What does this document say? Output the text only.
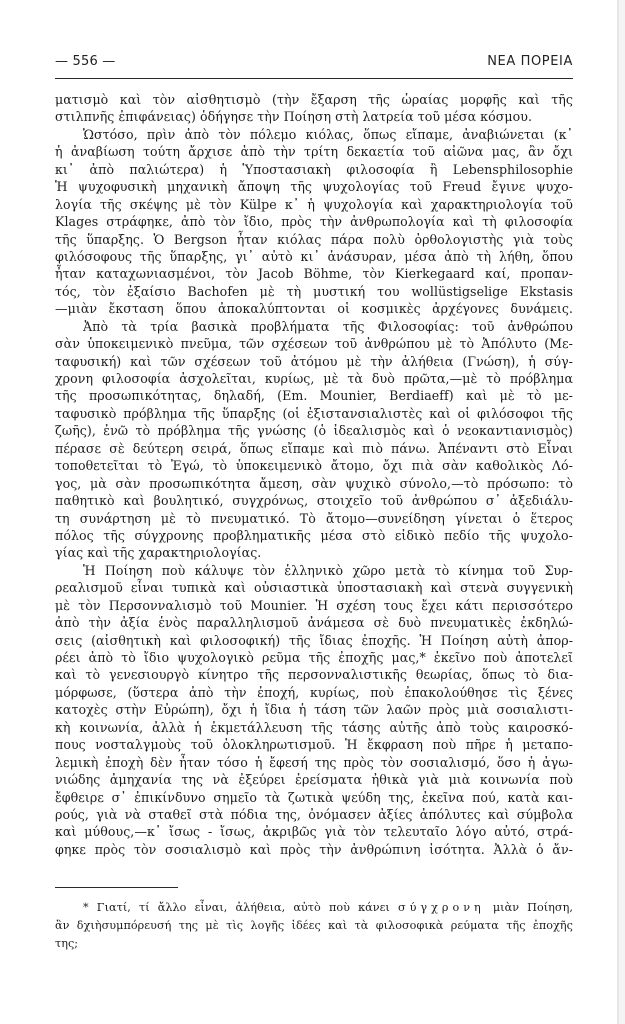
— 556 —	ΝΕΑ ΠΟΡΕΙΑ
ματισμὸ καὶ τὸν αἰσθητισμὸ (τὴν ἔξαρση τῆς ὡραίας μορφῆς καὶ τῆς
στιλπνῆς ἐπιφάνειας) ὁδήγησε τὴν Ποίηση στὴ λατρεία τοῦ μέσα κόσμου.
Ὡστόσο, πρὶν ἀπὸ τὸν πόλεμο κιόλας, ὅπως εἴπαμε, ἀναβιώνεται (κ᾿
ἡ ἀναβίωση τούτη ἄρχισε ἀπὸ τὴν τρίτη δεκαετία τοῦ αἰῶνα μας, ἂν ὄχι
κι᾿ ἀπὸ παλιώτερα) ἡ Ὑποστασιακὴ φιλοσοφία ἢ Lebensphilosophie
Ἡ ψυχοφυσικὴ μηχανικὴ ἄποψη τῆς ψυχολογίας τοῦ Freud ἔγινε ψυχο-
λογία τῆς σκέψης μὲ τὸν Külpe κ᾿ ἡ ψυχολογία καὶ χαρακτηριολογία τοῦ
Klages στράφηκε, ἀπὸ τὸν ἴδιο, πρὸς τὴν ἀνθρωπολογία καὶ τὴ φιλοσοφία
τῆς ὕπαρξης. Ὁ Bergson ἦταν κιόλας πάρα πολὺ ὀρθολογιστὴς γιὰ τοὺς
φιλόσοφους τῆς ὕπαρξης, γι᾿ αὐτὸ κι᾿ ἀνάσυραν, μέσα ἀπὸ τὴ λήθη, ὅπου
ἦταν καταχωνιασμένοι, τὸν Jacob Böhme, τὸν Kierkegaard καί, προπαν-
τός, τὸν ἐξαίσιο Bachofen μὲ τὴ μυστική του wollüstigselige Ekstasis
—μιὰν ἔκσταση ὅπου ἀποκαλύπτονται οἱ κοσμικὲς ἀρχέγονες δυνάμεις.
Ἀπὸ τὰ τρία βασικὰ προβλήματα τῆς Φιλοσοφίας: τοῦ ἀνθρώπου
σὰν ὑποκειμενικὸ πνεῦμα, τῶν σχέσεων τοῦ ἀνθρώπου μὲ τὸ Ἀπόλυτο (Με-
ταφυσική) καὶ τῶν σχέσεων τοῦ ἀτόμου μὲ τὴν ἀλήθεια (Γνώση), ἡ σύγ-
χρονη φιλοσοφία ἀσχολεῖται, κυρίως, μὲ τὰ δυὸ πρῶτα,—μὲ τὸ πρόβλημα
τῆς προσωπικότητας, δηλαδή, (Em. Mounier, Berdiaeff) καὶ μὲ τὸ με-
ταφυσικὸ πρόβλημα τῆς ὕπαρξης (οἱ ἐξιστανσιαλιστὲς καὶ οἱ φιλόσοφοι τῆς
ζωῆς), ἐνῶ τὸ πρόβλημα τῆς γνώσης (ὁ ἰδεαλισμὸς καὶ ὁ νεοκαντιανισμὸς)
πέρασε σὲ δεύτερη σειρά, ὅπως εἴπαμε καὶ πιὸ πάνω. Ἀπέναντι στὸ Εἶναι
τοποθετεῖται τὸ Ἐγώ, τὸ ὑποκειμενικὸ ἄτομο, ὄχι πιὰ σὰν καθολικὸς Λό-
γος, μὰ σὰν προσωπικότητα ἄμεση, σὰν ψυχικὸ σύνολο,—τὸ πρόσωπο: τὸ
παθητικὸ καὶ βουλητικό, συγχρόνως, στοιχεῖο τοῦ ἀνθρώπου σ᾿ ἀξεδιάλυ-
τη συνάρτηση μὲ τὸ πνευματικό. Τὸ ἄτομο—συνείδηση γίνεται ὁ ἕτερος
πόλος τῆς σύγχρονης προβληματικῆς μέσα στὸ εἰδικὸ πεδίο τῆς ψυχολο-
γίας καὶ τῆς χαρακτηριολογίας.
Ἡ Ποίηση ποὺ κάλυψε τὸν ἑλληνικὸ χῶρο μετὰ τὸ κίνημα τοῦ Συρ-
ρεαλισμοῦ εἶναι τυπικὰ καὶ οὐσιαστικὰ ὑποστασιακὴ καὶ στενὰ συγγενικὴ
μὲ τὸν Περσονναλισμὸ τοῦ Mounier. Ἡ σχέση τους ἔχει κάτι περισσότερο
ἀπὸ τὴν ἀξία ἑνὸς παραλληλισμοῦ ἀνάμεσα σὲ δυὸ πνευματικὲς ἐκδηλώ-
σεις (αἰσθητικὴ καὶ φιλοσοφική) τῆς ἴδιας ἐποχῆς. Ἡ Ποίηση αὐτὴ ἀπορ-
ρέει ἀπὸ τὸ ἴδιο ψυχολογικὸ ρεῦμα τῆς ἐποχῆς μας,* ἐκεῖνο ποὺ ἀποτελεῖ
καὶ τὸ γενεσιουργὸ κίνητρο τῆς περσονναλιστικῆς θεωρίας, ὅπως τὸ δια-
μόρφωσε, (ὕστερα ἀπὸ τὴν ἐποχή, κυρίως, ποὺ ἐπακολούθησε τὶς ξένες
κατοχὲς στὴν Εὐρώπη), ὄχι ἡ ἴδια ἡ τάση τῶν λαῶν πρὸς μιὰ σοσιαλιστι-
κὴ κοινωνία, ἀλλὰ ἡ ἐκμετάλλευση τῆς τάσης αὐτῆς ἀπὸ τοὺς καιροσκό-
πους νοσταλγμοὺς τοῦ ὁλοκληρωτισμοῦ. Ἡ ἔκφραση ποὺ πῆρε ἡ μεταπο-
λεμικὴ ἐποχὴ δὲν ἦταν τόσο ἡ ἔφεσή της πρὸς τὸν σοσιαλισμό, ὅσο ἡ ἀγω-
νιώδης ἀμηχανία της νὰ ἐξεύρει ἐρείσματα ἠθικὰ γιὰ μιὰ κοινωνία ποὺ
ἔφθειρε σ᾿ ἐπικίνδυνο σημεῖο τὰ ζωτικὰ ψεύδη της, ἐκεῖνα πού, κατὰ και-
ρούς, γιὰ νὰ σταθεῖ στὰ πόδια της, ὀνόμασεν ἀξίες ἀπόλυτες καὶ σύμβολα
καὶ μύθους,—κ᾿ ἴσως - ἴσως, ἀκριβῶς γιὰ τὸν τελευταῖο λόγο αὐτό, στρά-
φηκε πρὸς τὸν σοσιαλισμὸ καὶ πρὸς τὴν ἀνθρώπινη ἰσότητα. Ἀλλὰ ὁ ἄν-
* Γιατί, τί ἄλλο εἶναι, ἀλήθεια, αὐτὸ ποὺ κάνει σύγχρονη μιὰν Ποίηση,
ἂν δχιὴσυμπόρευσή της μὲ τὶς λογῆς ἰδέες καὶ τὰ φιλοσοφικὰ ρεύματα τῆς ἐποχῆς
της;
